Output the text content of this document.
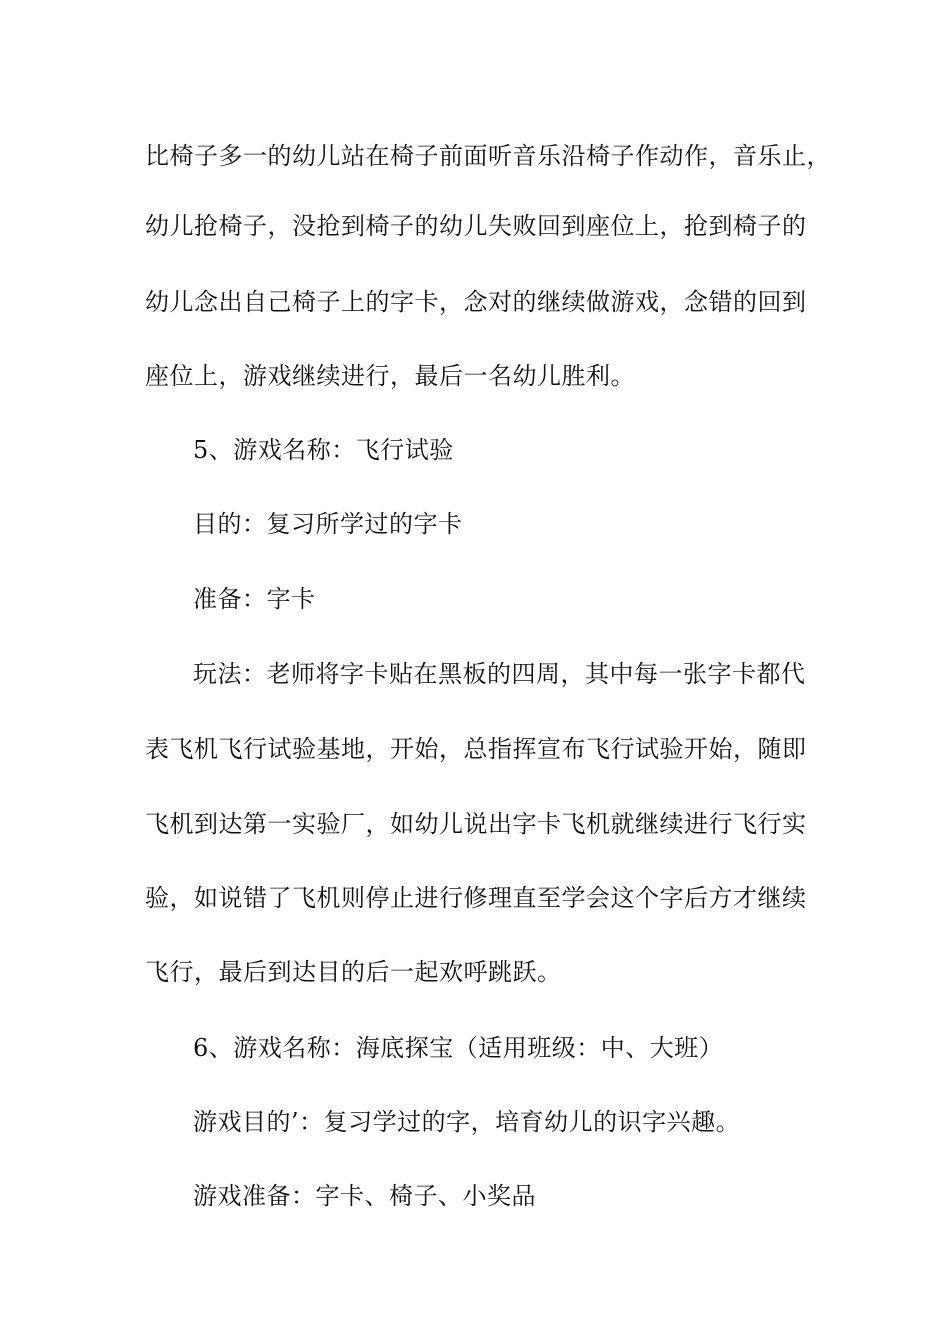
比椅子多一的幼儿站在椅子前面听音乐沿椅子作动作，音乐止，
幼儿抢椅子，没抢到椅子的幼儿失败回到座位上，抢到椅子的
幼儿念出自己椅子上的字卡，念对的继续做游戏，念错的回到
座位上，游戏继续进行，最后一名幼儿胜利。
5、游戏名称：飞行试验
目的：复习所学过的字卡
准备：字卡
玩法：老师将字卡贴在黑板的四周，其中每一张字卡都代
表飞机飞行试验基地，开始，总指挥宣布飞行试验开始，随即
飞机到达第一实验厂，如幼儿说出字卡飞机就继续进行飞行实
验，如说错了飞机则停止进行修理直至学会这个字后方才继续
飞行，最后到达目的后一起欢呼跳跃。
6、游戏名称：海底探宝（适用班级：中、大班）
游戏目的’：复习学过的字，培育幼儿的识字兴趣。
游戏准备：字卡、椅子、小奖品
